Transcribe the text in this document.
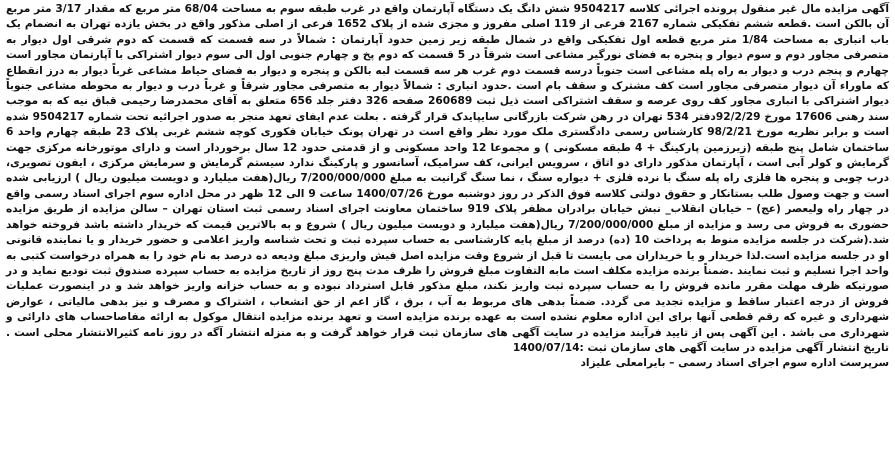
آگهی مزایده مال غیر منقول پرونده اجرائی کلاسه 9504217 شش دانگ یک دستگاه آپارتمان واقع در غرب طبقه سوم به مساحت 68/04 متر مربع که مقدار 3/17 متر مربع آن بالکن است .قطعه ششم تفکیکی شماره 2167 فرعی از 119 اصلی مفروز و مجزی شده از پلاک 1652 فرعی از اصلی مذکور واقع در بخش یازده تهران به انضمام یک باب انباری به مساحت 1/84 متر مربع قطعه اول تفکیکی واقع در شمال طبقه زیر زمین حدود آپارتمان : شمالاً در سه قسمت که قسمت که دوم شرقی اول دیوار به متصرفی مجاور دوم و سوم دیوار و پنجره به فضای نورگیر مشاعی است شرقاً در 5 قسمت که دوم پخ و چهارم جنوبی اول الی سوم دیوار اشتراکی با آپارتمان مجاور است چهارم و پنجم درب و دیوار به راه پله مشاعی است جنوباً درسه قسمت دوم غرب هر سه قسمت لبه بالکن و پنجره و دیوار به فضای حیاط مشاعی غرباً دیوار به درز انقطاع که ماوراء آن دیوار متصرفی مجاور است کف مشترک و سقف بام است .حدود انباری : شمالاً دیوار به متصرفی مجاور شرقاً و غرباً درب و دیوار به محوطه مشاعی جنوباً دیوار اشتراکی با انباری مجاور کف روی عرصه و سقف اشتراکی است ذیل ثبت 260689 صفحه 326 دفتر جلد 656 متعلق به آقای محمدرضا رحیمی قباق نیه که به موجب سند رهنی 17606 مورخ 92/2/29دفتر 534 تهران در رهن شرکت بازرگانی سایپایدک قرار گرفته . بعلت عدم ایفای تعهد منجر به صدور اجرائیه تحت شماره 9504217 شده است و برابر نظریه مورخ 98/2/21 کارشناس رسمی دادگستری ملک مورد نظر واقع است در تهران پونک خیابان فکوری کوچه ششم غربی پلاک 23 طبقه چهارم واحد 6 ساختمان شامل پنج طبقه (زیرزمین پارکینگ + 4 طبقه مسکونی ) و مجموعا 12 واحد مسکونی و از قدمتی حدود 12 سال برخوردار است و دارای موتورخانه مرکزی جهت گرمایش و کولر آبی است ، آپارتمان مذکور دارای دو اتاق ، سرویس ایرانی، کف سرامیک، آسانسور و پارکینگ ندارد سیستم گرمایش و سرمایش مرکزی ، ایفون تصویری، درب چوبی و پنجره ها فلزی راه پله سنگ با نرده فلزی + دیواره سنگ ، نما سنگ گرانیت به مبلغ 7/200/000/000 ریال(هفت میلیارد و دویست میلیون ریال ) ارزیابی شده است و جهت وصول طلب بستانکار و حقوق دولتی کلاسه فوق الذکر در روز دوشنبه مورخ 1400/07/26 ساعت 9 الی 12 ظهر در محل اداره سوم اجرای اسناد رسمی واقع در چهار راه ولیعصر (عج) – خیابان انقلاب_ نبش خیابان برادران مظفر پلاک 919 ساختمان معاونت اجرای اسناد رسمی ثبت استان تهران – سالن مزایده از طریق مزایده حضوری به فروش می رسد و مزایده از مبلغ 7/200/000/000 ریال(هفت میلیارد و دویست میلیون ریال ) شروع و به بالاترین قیمت که خریدار داشته باشد فروخته خواهد شد.(شرکت در جلسه مزایده منوط به پرداخت 10 (ده) درصد از مبلغ پایه کارشناسی به حساب سپرده ثبت و تحت شناسه واریز اعلامی و حضور خریدار و یا نماینده قانونی او در جلسه مزایده است.لذا خریدار و یا خریداران می بایست تا قبل از شروع وقت مزایده اصل فیش واریزی مبلغ ودیعه ده درصد به نام خود را به همراه درخواست کتبی به واحد اجرا تسلیم و ثبت نمایند .ضمناً برنده مزایده مکلف است مابه التفاوت مبلغ فروش را ظرف مدت پنج روز از تاریخ مزایده به حساب سپرده صندوق ثبت تودیع نماید و در صورتیکه ظرف مهلت مقرر مانده فروش را به حساب سپرده ثبت واریز نکند، مبلغ مذکور قابل استرداد نبوده و به حساب خزانه واریز خواهد شد و در اینصورت عملیات فروش از درجه اعتبار ساقط و مزایده تجدید می گردد. ضمناً بدهی های مربوط به آب ، برق ، گاز اعم از حق انشعاب ، اشتراک و مصرف و نیز بدهی مالیاتی ، عوارض شهرداری و غیره که رقم قطعی آنها برای این اداره معلوم نشده است به عهده برنده مزایده است و تعهد برنده مزایده انتقال موکول به ارائه مفاصاحساب های دارائی و شهرداری می باشد . این آگهی پس از تایید فرآیند مزایده در سایت آگهی های سازمان ثبت قرار خواهد گرفت و به منزله انتشار آگه در روز نامه کثیرالانتشار محلی است . تاریخ انتشار آگهی مزایده در سایت آگهی های سازمان ثبت :1400/07/14

سرپرست اداره سوم اجرای اسناد رسمی – بایرامعلی علیزاد
